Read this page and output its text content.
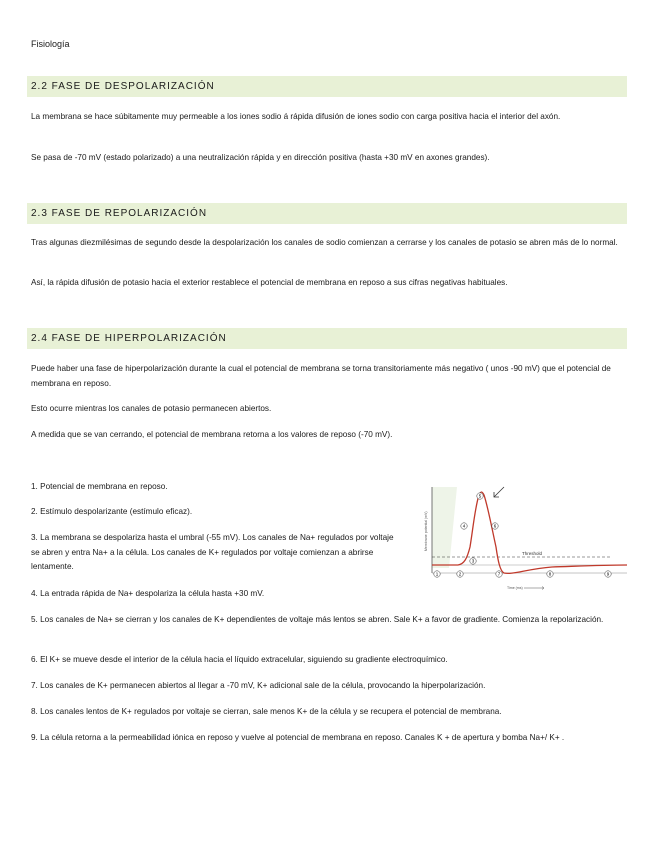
Fisiología
2.2 FASE DE DESPOLARIZACIÓN
La membrana se hace súbitamente muy permeable a los iones sodio á rápida difusión de iones sodio con carga positiva hacia el interior del axón.
Se pasa de -70 mV (estado polarizado) a una neutralización rápida y en dirección positiva (hasta +30 mV en axones grandes).
2.3 FASE DE REPOLARIZACIÓN
Tras algunas diezmilésimas de segundo desde la despolarización los canales de sodio comienzan a cerrarse y los canales de potasio se abren más de lo normal.
Así, la rápida difusión de potasio hacia el exterior restablece el potencial de membrana en reposo a sus cifras negativas habituales.
2.4 FASE DE HIPERPOLARIZACIÓN
Puede haber una fase de hiperpolarización durante la cual el potencial de membrana se torna transitoriamente más negativo ( unos -90 mV) que el potencial de membrana en reposo.
Esto ocurre mientras los canales de potasio permanecen abiertos.
A medida que se van cerrando, el potencial de membrana retorna a los valores de reposo (-70 mV).
1. Potencial de membrana en reposo.
2. Estímulo despolarizante (estímulo eficaz).
3. La membrana se despolariza hasta el umbral (-55 mV). Los canales de Na+ regulados por voltaje se abren y entra Na+ a la célula. Los canales de K+ regulados por voltaje comienzan a abrirse lentamente.
4. La entrada rápida de Na+ despolariza la célula hasta +30 mV.
5. Los canales de Na+ se cierran y los canales de K+ dependientes de voltaje más lentos se abren. Sale K+ a favor de gradiente. Comienza la repolarización.
6. El K+ se mueve desde el interior de la célula hacia el líquido extracelular, siguiendo su gradiente electroquímico.
7. Los canales de K+ permanecen abiertos al llegar a -70 mV, K+ adicional sale de la célula, provocando la hiperpolarización.
8. Los canales lentos de K+ regulados por voltaje se cierran, sale menos K+ de la célula y se recupera el potencial de membrana.
9. La célula retorna a la permeabilidad iónica en reposo y vuelve al potencial de membrana en reposo. Canales K + de apertura y bomba Na+/ K+ .
Threshold
1	2
3
4
5
6
7	8	9
Membrane potential (mV)
Time (ms)
